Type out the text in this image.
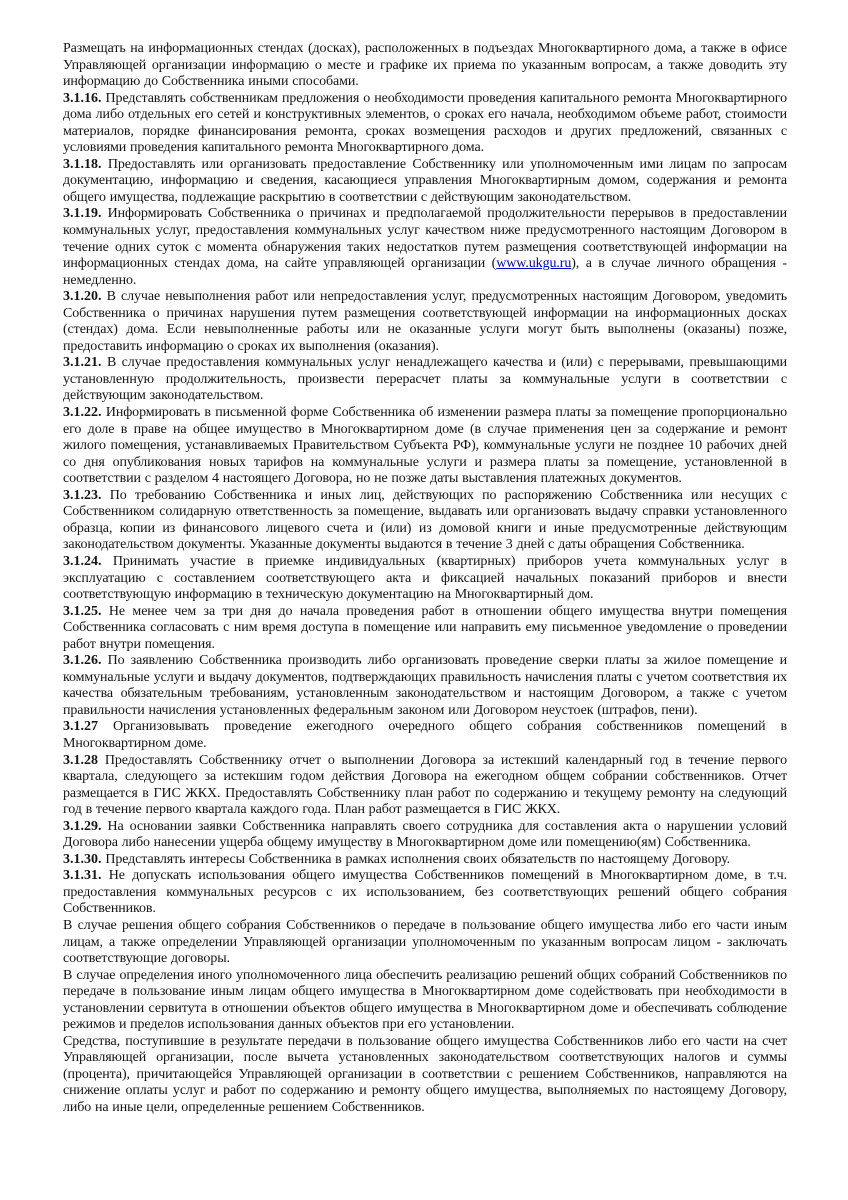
Размещать на информационных стендах (досках), расположенных в подъездах Многоквартирного дома, а также в офисе Управляющей организации информацию о месте и графике их приема по указанным вопросам, а также доводить эту информацию до Собственника иными способами.

3.1.16. Представлять собственникам предложения о необходимости проведения капитального ремонта Многоквартирного дома либо отдельных его сетей и конструктивных элементов, о сроках его начала, необходимом объеме работ, стоимости материалов, порядке финансирования ремонта, сроках возмещения расходов и других предложений, связанных с условиями проведения капитального ремонта Многоквартирного дома.

3.1.18. Предоставлять или организовать предоставление Собственнику или уполномоченным ими лицам по запросам документацию, информацию и сведения, касающиеся управления Многоквартирным домом, содержания и ремонта общего имущества, подлежащие раскрытию в соответствии с действующим законодательством.

3.1.19. Информировать Собственника о причинах и предполагаемой продолжительности перерывов в предоставлении коммунальных услуг, предоставления коммунальных услуг качеством ниже предусмотренного настоящим Договором в течение одних суток с момента обнаружения таких недостатков путем размещения соответствующей информации на информационных стендах дома, на сайте управляющей организации (www.ukgu.ru), а в случае личного обращения - немедленно.

3.1.20. В случае невыполнения работ или непредоставления услуг, предусмотренных настоящим Договором, уведомить Собственника о причинах нарушения путем размещения соответствующей информации на информационных досках (стендах) дома. Если невыполненные работы или не оказанные услуги могут быть выполнены (оказаны) позже, предоставить информацию о сроках их выполнения (оказания).

3.1.21. В случае предоставления коммунальных услуг ненадлежащего качества и (или) с перерывами, превышающими установленную продолжительность, произвести перерасчет платы за коммунальные услуги в соответствии с действующим законодательством.

3.1.22. Информировать в письменной форме Собственника об изменении размера платы за помещение пропорционально его доле в праве на общее имущество в Многоквартирном доме (в случае применения цен за содержание и ремонт жилого помещения, устанавливаемых Правительством Субъекта РФ), коммунальные услуги не позднее 10 рабочих дней со дня опубликования новых тарифов на коммунальные услуги и размера платы за помещение, установленной в соответствии с разделом 4 настоящего Договора, но не позже даты выставления платежных документов.

3.1.23. По требованию Собственника и иных лиц, действующих по распоряжению Собственника или несущих с Собственником солидарную ответственность за помещение, выдавать или организовать выдачу справки установленного образца, копии из финансового лицевого счета и (или) из домовой книги и иные предусмотренные действующим законодательством документы. Указанные документы выдаются в течение 3 дней с даты обращения Собственника.

3.1.24. Принимать участие в приемке индивидуальных (квартирных) приборов учета коммунальных услуг в эксплуатацию с составлением соответствующего акта и фиксацией начальных показаний приборов и внести соответствующую информацию в техническую документацию на Многоквартирный дом.

3.1.25. Не менее чем за три дня до начала проведения работ в отношении общего имущества внутри помещения Собственника согласовать с ним время доступа в помещение или направить ему письменное уведомление о проведении работ внутри помещения.

3.1.26. По заявлению Собственника производить либо организовать проведение сверки платы за жилое помещение и коммунальные услуги и выдачу документов, подтверждающих правильность начисления платы с учетом соответствия их качества обязательным требованиям, установленным законодательством и настоящим Договором, а также с учетом правильности начисления установленных федеральным законом или Договором неустоек (штрафов, пени).

3.1.27 Организовывать проведение ежегодного очередного общего собрания собственников помещений в Многоквартирном доме.

3.1.28 Предоставлять Собственнику отчет о выполнении Договора за истекший календарный год в течение первого квартала, следующего за истекшим годом действия Договора на ежегодном общем собрании собственников. Отчет размещается в ГИС ЖКХ. Предоставлять Собственнику план работ по содержанию и текущему ремонту на следующий год в течение первого квартала каждого года. План работ размещается в ГИС ЖКХ.

3.1.29. На основании заявки Собственника направлять своего сотрудника для составления акта о нарушении условий Договора либо нанесении ущерба общему имуществу в Многоквартирном доме или помещению(ям) Собственника.

3.1.30. Представлять интересы Собственника в рамках исполнения своих обязательств по настоящему Договору.

3.1.31. Не допускать использования общего имущества Собственников помещений в Многоквартирном доме, в т.ч. предоставления коммунальных ресурсов с их использованием, без соответствующих решений общего собрания Собственников.

В случае решения общего собрания Собственников о передаче в пользование общего имущества либо его части иным лицам, а также определении Управляющей организации уполномоченным по указанным вопросам лицом - заключать соответствующие договоры.

В случае определения иного уполномоченного лица обеспечить реализацию решений общих собраний Собственников по передаче в пользование иным лицам общего имущества в Многоквартирном доме содействовать при необходимости в установлении сервитута в отношении объектов общего имущества в Многоквартирном доме и обеспечивать соблюдение режимов и пределов использования данных объектов при его установлении.

Средства, поступившие в результате передачи в пользование общего имущества Собственников либо его части на счет Управляющей организации, после вычета установленных законодательством соответствующих налогов и суммы (процента), причитающейся Управляющей организации в соответствии с решением Собственников, направляются на снижение оплаты услуг и работ по содержанию и ремонту общего имущества, выполняемых по настоящему Договору, либо на иные цели, определенные решением Собственников.
